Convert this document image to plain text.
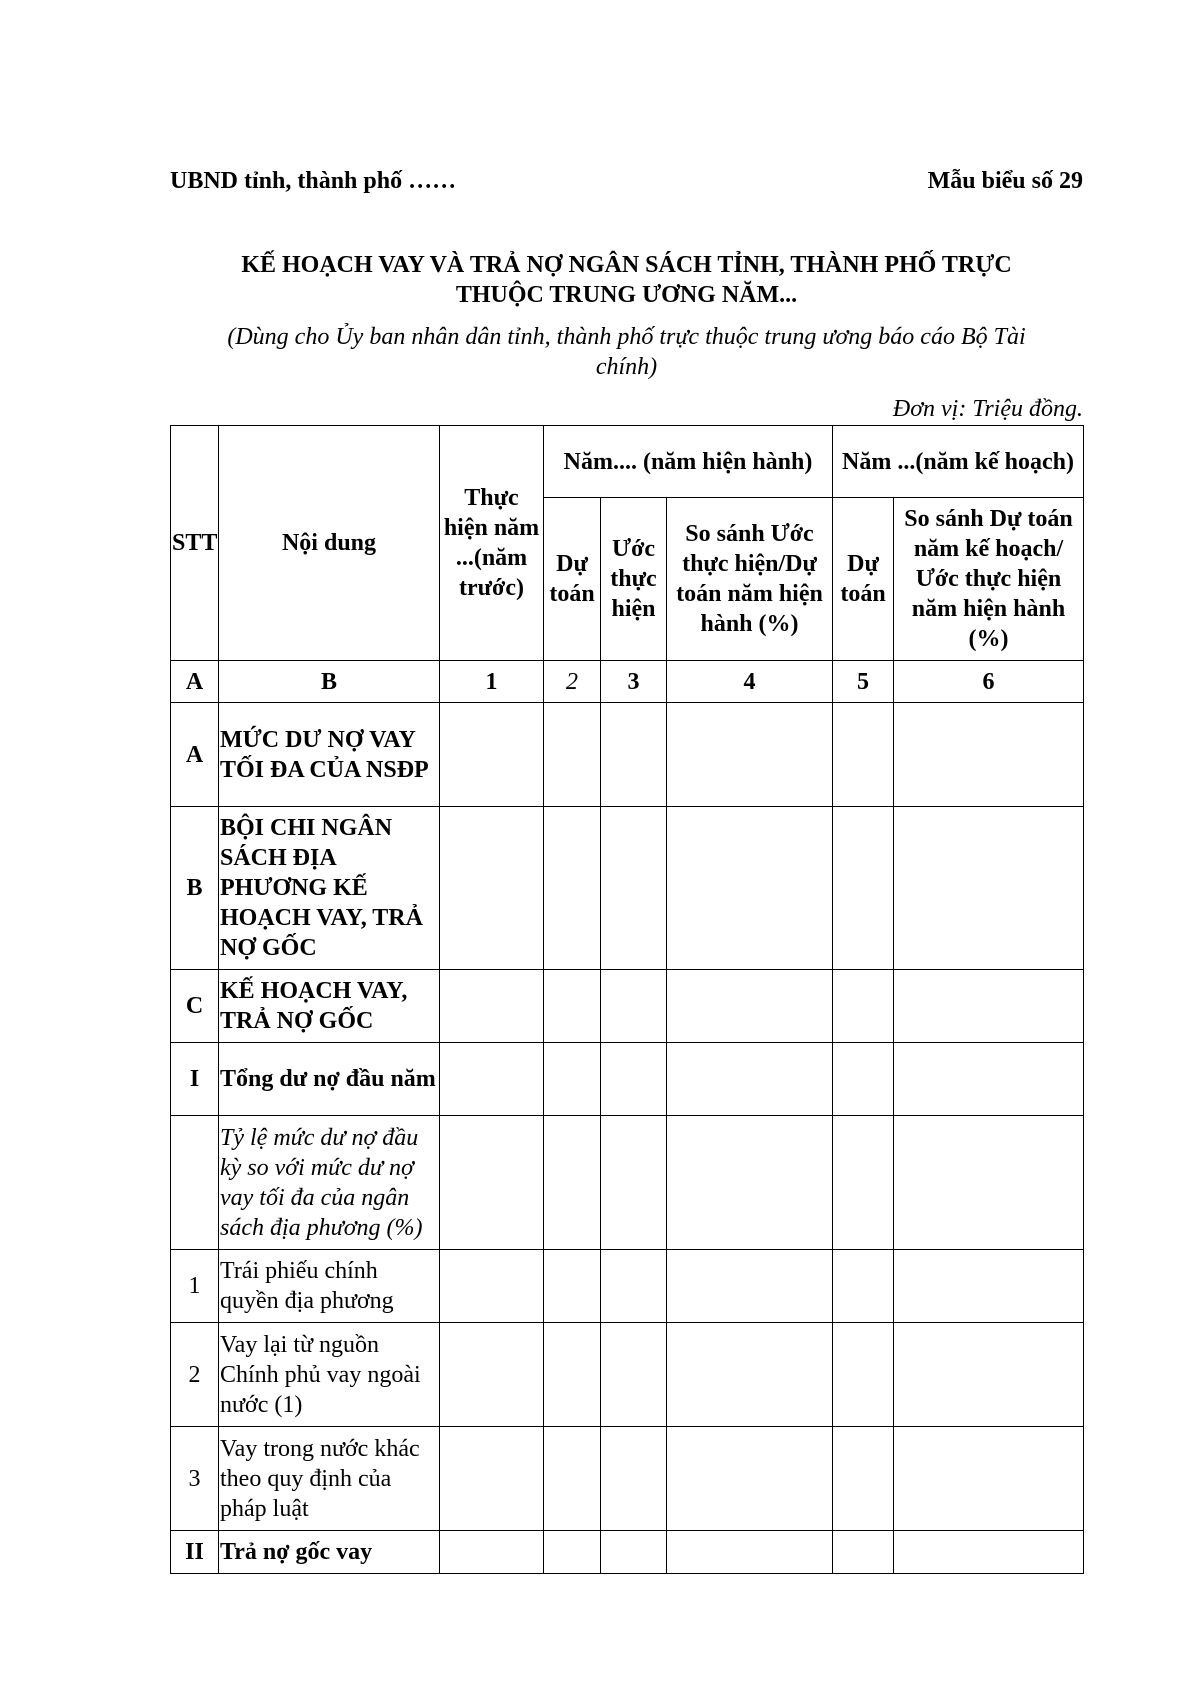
UBND tỉnh, thành phố ……	Mẫu biểu số 29
KẾ HOẠCH VAY VÀ TRẢ NỢ NGÂN SÁCH TỈNH, THÀNH PHỐ TRỰC
THUỘC TRUNG ƯƠNG NĂM...
(Dùng cho Ủy ban nhân dân tỉnh, thành phố trực thuộc trung ương báo cáo Bộ Tài
chính)
Đơn vị: Triệu đồng.
STT	Nội dung	Thực hiện năm ...(năm trước)	Năm.... (năm hiện hành)			Năm ...(năm kế hoạch)	
			Dự toán	Ước thực hiện	So sánh Ước thực hiện/Dự toán năm hiện hành (%)	Dự toán	So sánh Dự toán năm kế hoạch/ Ước thực hiện năm hiện hành (%)
A	B	1	2	3	4	5	6
A	MỨC DƯ NỢ VAY TỐI ĐA CỦA NSĐP						
B	BỘI CHI NGÂN SÁCH ĐỊA PHƯƠNG KẾ HOẠCH VAY, TRẢ NỢ GỐC						
C	KẾ HOẠCH VAY, TRẢ NỢ GỐC						
I	Tổng dư nợ đầu năm						
	Tỷ lệ mức dư nợ đầu kỳ so với mức dư nợ vay tối đa của ngân sách địa phương (%)						
1	Trái phiếu chính quyền địa phương						
2	Vay lại từ nguồn Chính phủ vay ngoài nước (1)						
3	Vay trong nước khác theo quy định của pháp luật						
II	Trả nợ gốc vay						
